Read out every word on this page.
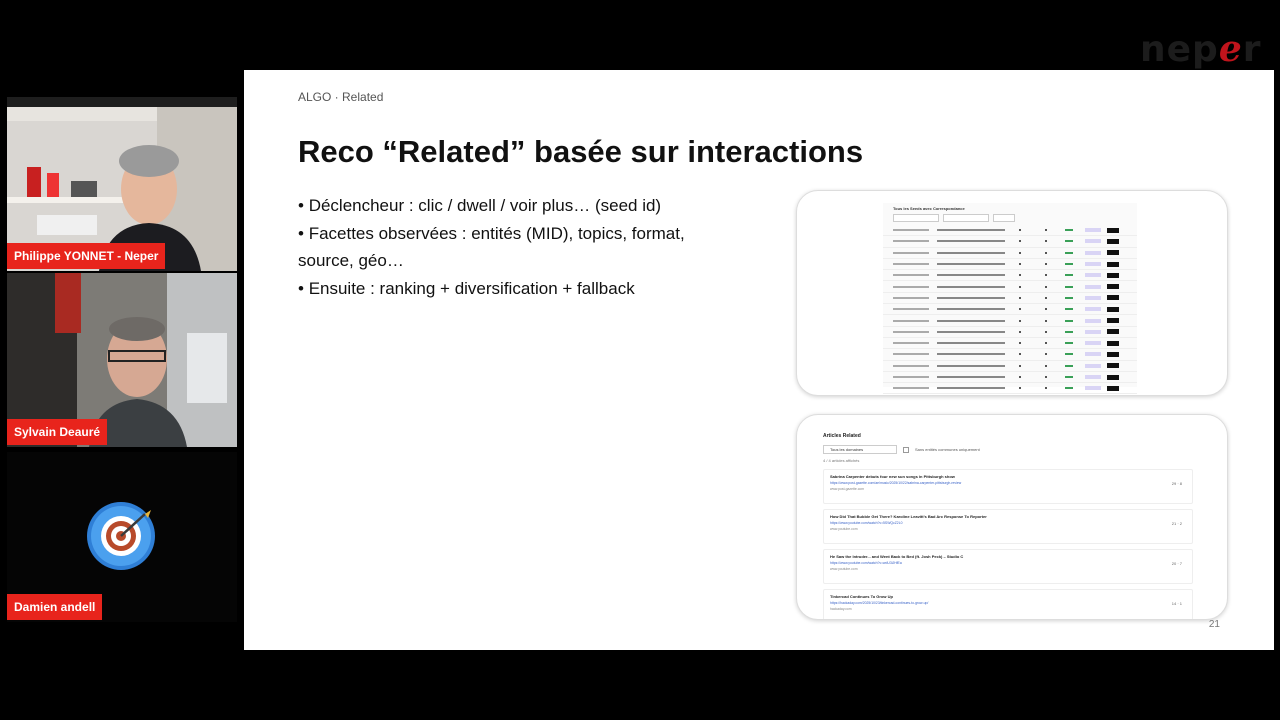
neper
Philippe YONNET - Neper
Sylvain Deauré
Damien andell
ALGO · Related
Reco “Related” basée sur interactions
• Déclencheur : clic / dwell / voir plus… (seed id)
• Facettes observées : entités (MID), topics, format, source, géo…
• Ensuite : ranking + diversification + fallback
Tous les Seeds avec Correspondance
Articles Related
Tous les domaines	Sans entités communes uniquement
4 / 4 articles affichés
Sabrina Carpenter debuts four new sun songs in Pittsburgh show
https://www.post-gazette.com/ae/music/2025/10/22/sabrina-carpenter-pittsburgh-review
www.post-gazette.com
29 · 8
How Did That Bubble Get There? Karoline Leavitt's Bad Arc Response To Reporter
https://www.youtube.com/watch?v=5SWQcZ2L0
www.youtube.com
21 · 2
He Saw the Intruder... and Went Back to Bed (ft. Josh Peck) – Studio C
https://www.youtube.com/watch?v=wdU3iJHfEa
www.youtube.com
20 · 7
Tinkercad Continues To Grow Up
https://hackaday.com/2025/10/23/tinkercad-continues-to-grow-up/
hackaday.com
14 · 1
21
